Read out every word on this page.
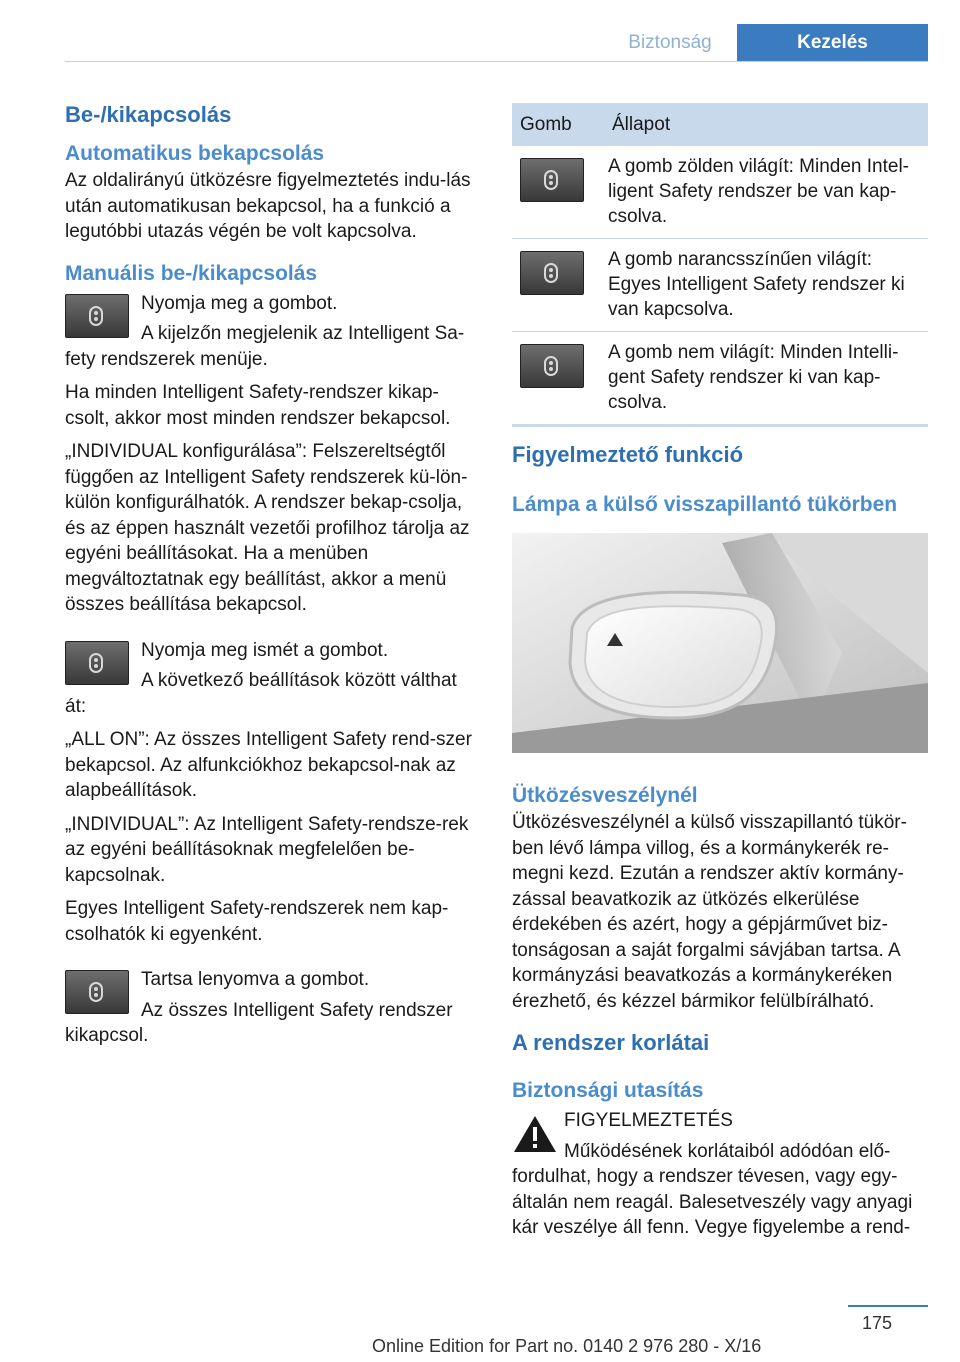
Biztonság	Kezelés
Be-/kikapcsolás
Automatikus bekapcsolás

Az oldalirányú ütközésre figyelmeztetés indu-lás után automatikusan bekapcsol, ha a funkció a legutóbbi utazás végén be volt kapcsolva.

Manuális be-/kikapcsolás

Nyomja meg a gombot.

A kijelzőn megjelenik az Intelligent Sa-fety rendszerek menüje.

Ha minden Intelligent Safety-rendszer kikap-csolt, akkor most minden rendszer bekapcsol.

„INDIVIDUAL konfigurálása”: Felszereltségtől függően az Intelligent Safety rendszerek kü-lön-külön konfigurálhatók. A rendszer bekap-csolja, és az éppen használt vezetői profilhoz tárolja az egyéni beállításokat. Ha a menüben megváltoztatnak egy beállítást, akkor a menü összes beállítása bekapcsol.

Nyomja meg ismét a gombot.

A következő beállítások között válthat át:

„ALL ON”: Az összes Intelligent Safety rend-szer bekapcsol. Az alfunkciókhoz bekapcsol-nak az alapbeállítások.

„INDIVIDUAL”: Az Intelligent Safety-rendsze-rek az egyéni beállításoknak megfelelően be-kapcsolnak.

Egyes Intelligent Safety-rendszerek nem kap-csolhatók ki egyenként.

Tartsa lenyomva a gombot.

Az összes Intelligent Safety rendszer kikapcsol.

Gomb	Állapot

	A gomb zölden világít: Minden Intel-ligent Safety rendszer be van kap-csolva.

	A gomb narancsszínűen világít: Egyes Intelligent Safety rendszer ki van kapcsolva.

	A gomb nem világít: Minden Intelli-gent Safety rendszer ki van kap-csolva.
Figyelmeztető funkció
Lámpa a külső visszapillantó tükörben
Ütközésveszélynél

Ütközésveszélynél a külső visszapillantó tükör-ben lévő lámpa villog, és a kormánykerék re-megni kezd. Ezután a rendszer aktív kormány-zással beavatkozik az ütközés elkerülése érdekében és azért, hogy a gépjárművet biz-tonságosan a saját forgalmi sávjában tartsa. A kormányzási beavatkozás a kormánykeréken érezhető, és kézzel bármikor felülbírálható.

A rendszer korlátai
Biztonsági utasítás

FIGYELMEZTETÉS

Működésének korlátaiból adódóan elő-fordulhat, hogy a rendszer tévesen, vagy egy-általán nem reagál. Balesetveszély vagy anyagi kár veszélye áll fenn. Vegye figyelembe a rend-

175
Online Edition for Part no. 0140 2 976 280 - X/16
